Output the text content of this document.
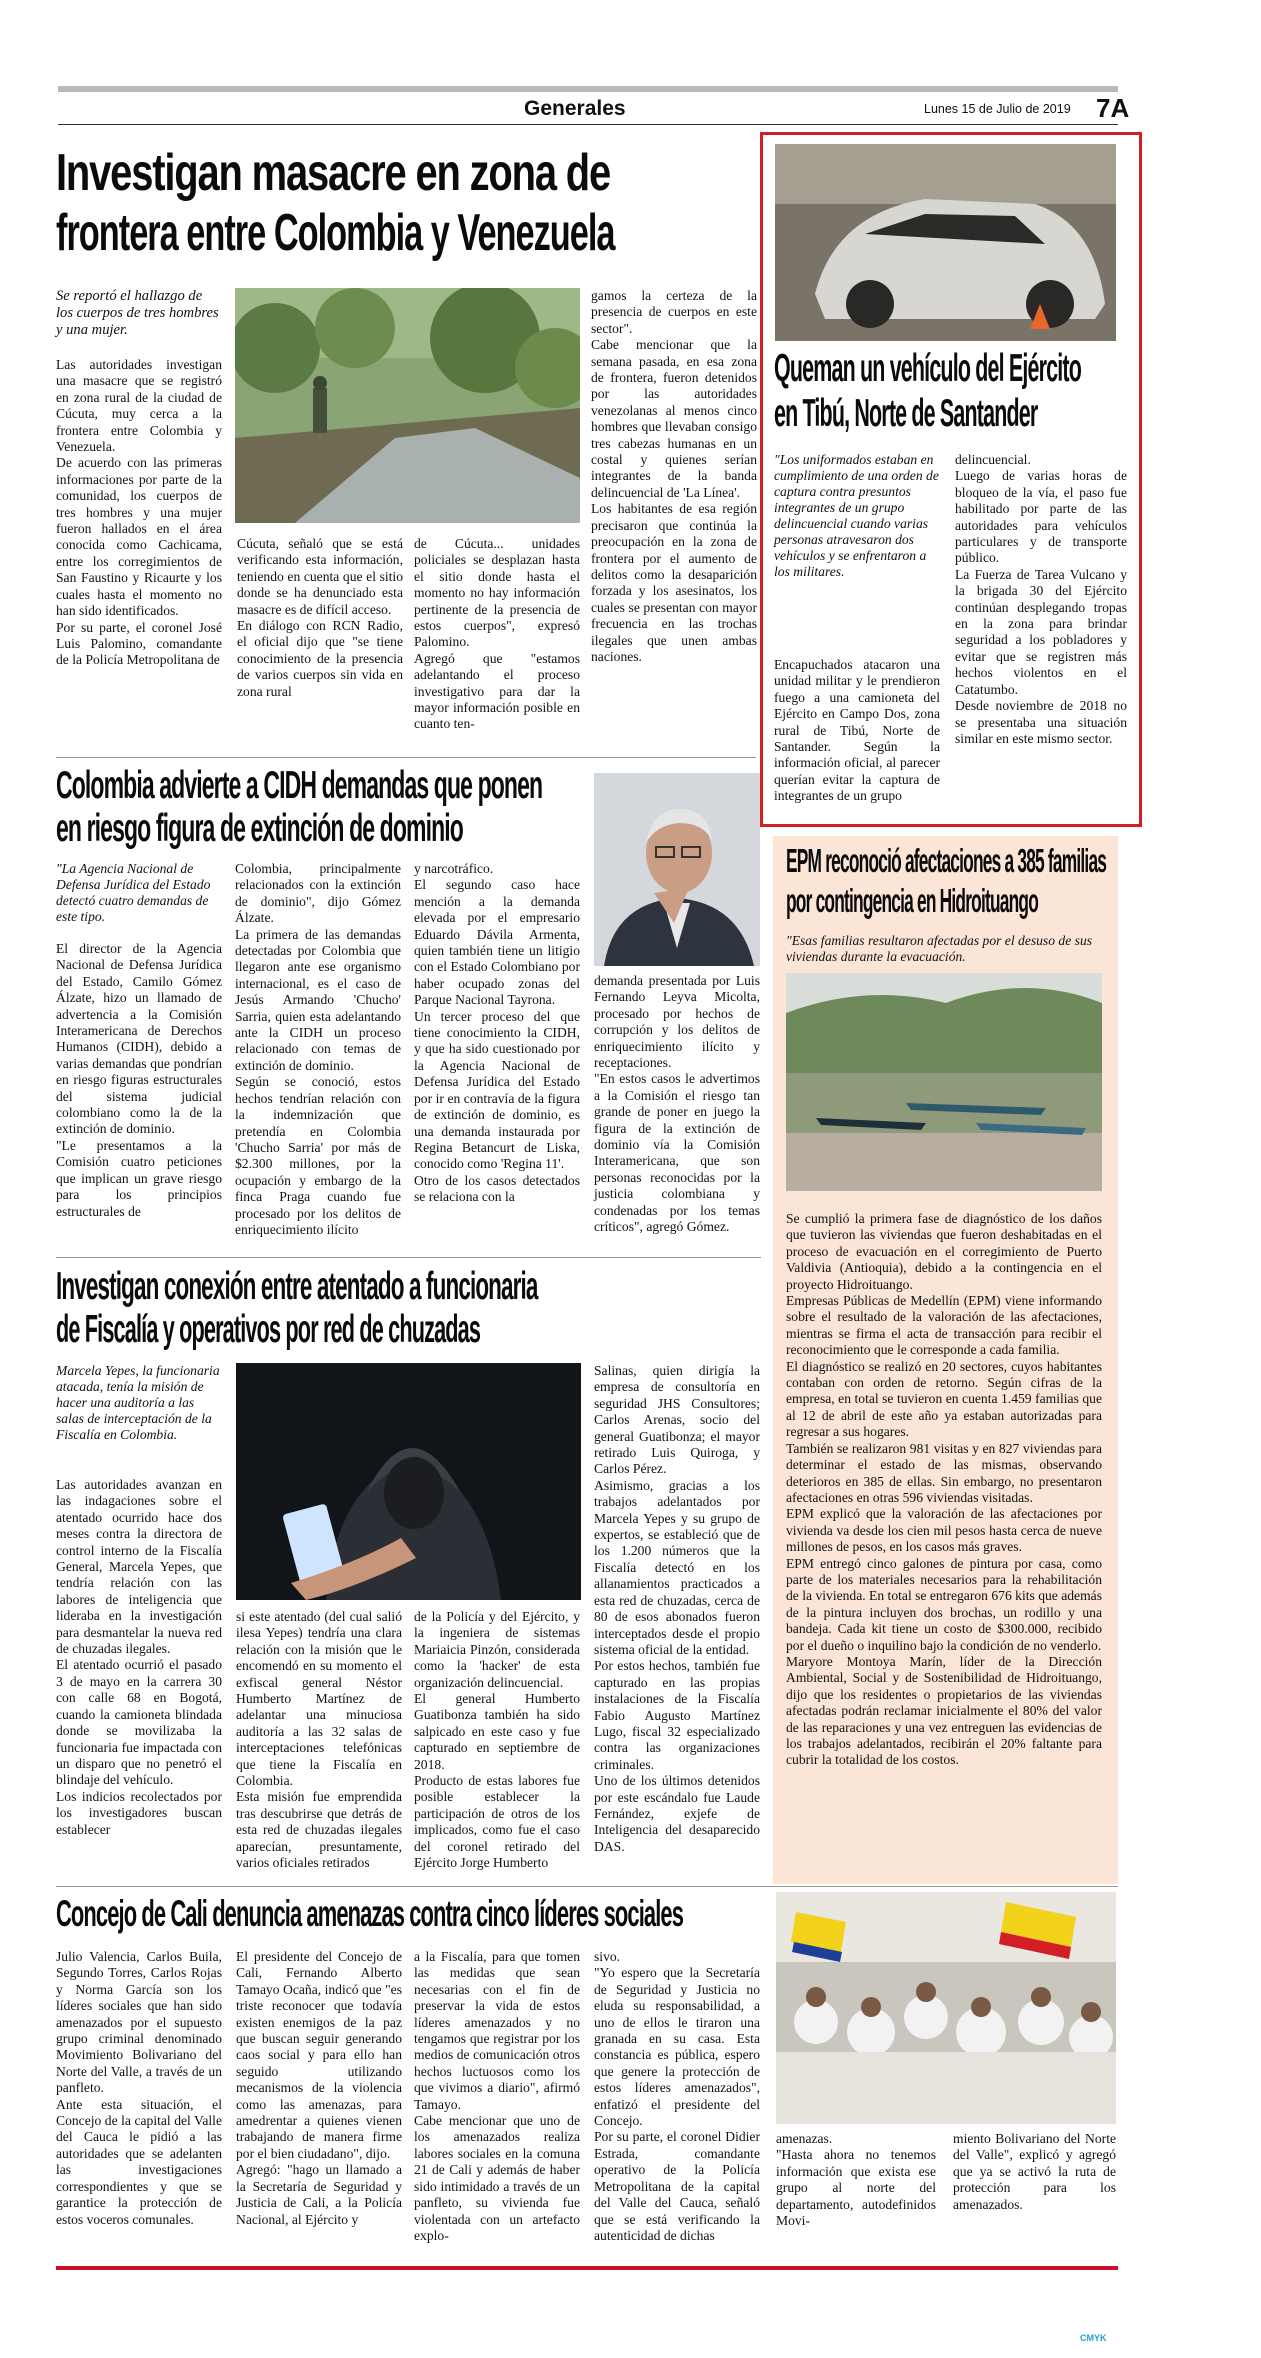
Generales	Lunes 15 de Julio de 2019 7A
Investigan masacre en zona de
frontera entre Colombia y Venezuela
Se reportó el hallazgo de los cuerpos de tres hombres y una mujer.
Las autoridades investigan una masacre que se registró en zona rural de la ciudad de Cúcuta, muy cerca a la frontera entre Colombia y Venezuela.
De acuerdo con las primeras informaciones por parte de la comunidad, los cuerpos de tres hombres y una mujer fueron hallados en el área conocida como Cachicama, entre los corregimientos de San Faustino y Ricaurte y los cuales hasta el momento no han sido identificados.
Por su parte, el coronel José Luis Palomino, comandante de la Policía Metropolitana de
Cúcuta, señaló que se está verificando esta información, teniendo en cuenta que el sitio donde se ha denunciado esta masacre es de difícil acceso.
En diálogo con RCN Radio, el oficial dijo que "se tiene conocimiento de la presencia de varios cuerpos sin vida en zona rural
de Cúcuta... unidades policiales se desplazan hasta el sitio donde hasta el momento no hay información pertinente de la presencia de estos cuerpos", expresó Palomino.
Agregó que "estamos adelantando el proceso investigativo para dar la mayor información posible en cuanto ten-
gamos la certeza de la presencia de cuerpos en este sector".
Cabe mencionar que la semana pasada, en esa zona de frontera, fueron detenidos por las autoridades venezolanas al menos cinco hombres que llevaban consigo tres cabezas humanas en un costal y quienes serían integrantes de la banda delincuencial de 'La Línea'.
Los habitantes de esa región precisaron que continúa la preocupación en la zona de frontera por el aumento de delitos como la desaparición forzada y los asesinatos, los cuales se presentan con mayor frecuencia en las trochas ilegales que unen ambas naciones.
Queman un vehículo del Ejército
en Tibú, Norte de Santander
"Los uniformados estaban en cumplimiento de una orden de captura contra presuntos integrantes de un grupo delincuencial cuando varias personas atravesaron dos vehículos y se enfrentaron a los militares.
Encapuchados atacaron una unidad militar y le prendieron fuego a una camioneta del Ejército en Campo Dos, zona rural de Tibú, Norte de Santander. Según la información oficial, al parecer querían evitar la captura de integrantes de un grupo
delincuencial.
Luego de varias horas de bloqueo de la vía, el paso fue habilitado por parte de las autoridades para vehículos particulares y de transporte público.
La Fuerza de Tarea Vulcano y la brigada 30 del Ejército continúan desplegando tropas en la zona para brindar seguridad a los pobladores y evitar que se registren más hechos violentos en el Catatumbo.
Desde noviembre de 2018 no se presentaba una situación similar en este mismo sector.
Colombia advierte a CIDH demandas que ponen
en riesgo figura de extinción de dominio
"La Agencia Nacional de Defensa Jurídica del Estado detectó cuatro demandas de este tipo.
El director de la Agencia Nacional de Defensa Jurídica del Estado, Camilo Gómez Álzate, hizo un llamado de advertencia a la Comisión Interamericana de Derechos Humanos (CIDH), debido a varias demandas que pondrían en riesgo figuras estructurales del sistema judicial colombiano como la de la extinción de dominio.
"Le presentamos a la Comisión cuatro peticiones que implican un grave riesgo para los principios estructurales de
Colombia, principalmente relacionados con la extinción de dominio", dijo Gómez Álzate.
La primera de las demandas detectadas por Colombia que llegaron ante ese organismo internacional, es el caso de Jesús Armando 'Chucho' Sarria, quien esta adelantando ante la CIDH un proceso relacionado con temas de extinción de dominio.
Según se conoció, estos hechos tendrían relación con la indemnización que pretendía en Colombia 'Chucho Sarria' por más de $2.300 millones, por la ocupación y embargo de la finca Praga cuando fue procesado por los delitos de enriquecimiento ilícito
y narcotráfico.
El segundo caso hace mención a la demanda elevada por el empresario Eduardo Dávila Armenta, quien también tiene un litigio con el Estado Colombiano por haber ocupado zonas del Parque Nacional Tayrona.
Un tercer proceso del que tiene conocimiento la CIDH, y que ha sido cuestionado por la Agencia Nacional de Defensa Jurídica del Estado por ir en contravía de la figura de extinción de dominio, es una demanda instaurada por Regina Betancurt de Liska, conocido como 'Regina 11'.
Otro de los casos detectados se relaciona con la
demanda presentada por Luis Fernando Leyva Micolta, procesado por hechos de corrupción y los delitos de enriquecimiento ilícito y receptaciones.
"En estos casos le advertimos a la Comisión el riesgo tan grande de poner en juego la figura de la extinción de dominio vía la Comisión Interamericana, que son personas reconocidas por la justicia colombiana y condenadas por los temas críticos", agregó Gómez.
EPM reconoció afectaciones a 385 familias
por contingencia en Hidroituango
"Esas familias resultaron afectadas por el desuso de sus viviendas durante la evacuación.
Se cumplió la primera fase de diagnóstico de los daños que tuvieron las viviendas que fueron deshabitadas en el proceso de evacuación en el corregimiento de Puerto Valdivia (Antioquia), debido a la contingencia en el proyecto Hidroituango.
Empresas Públicas de Medellín (EPM) viene informando sobre el resultado de la valoración de las afectaciones, mientras se firma el acta de transacción para recibir el reconocimiento que le corresponde a cada familia.
El diagnóstico se realizó en 20 sectores, cuyos habitantes contaban con orden de retorno. Según cifras de la empresa, en total se tuvieron en cuenta 1.459 familias que al 12 de abril de este año ya estaban autorizadas para regresar a sus hogares.
También se realizaron 981 visitas y en 827 viviendas para determinar el estado de las mismas, observando deterioros en 385 de ellas. Sin embargo, no presentaron afectaciones en otras 596 viviendas visitadas.
EPM explicó que la valoración de las afectaciones por vivienda va desde los cien mil pesos hasta cerca de nueve millones de pesos, en los casos más graves.
EPM entregó cinco galones de pintura por casa, como parte de los materiales necesarios para la rehabilitación de la vivienda. En total se entregaron 676 kits que además de la pintura incluyen dos brochas, un rodillo y una bandeja. Cada kit tiene un costo de $300.000, recibido por el dueño o inquilino bajo la condición de no venderlo.
Maryore Montoya Marín, líder de la Dirección Ambiental, Social y de Sostenibilidad de Hidroituango, dijo que los residentes o propietarios de las viviendas afectadas podrán reclamar inicialmente el 80% del valor de las reparaciones y una vez entreguen las evidencias de los trabajos adelantados, recibirán el 20% faltante para cubrir la totalidad de los costos.
Investigan conexión entre atentado a funcionaria
de Fiscalía y operativos por red de chuzadas
Marcela Yepes, la funcionaria atacada, tenía la misión de hacer una auditoría a las salas de interceptación de la Fiscalía en Colombia.
Las autoridades avanzan en las indagaciones sobre el atentado ocurrido hace dos meses contra la directora de control interno de la Fiscalía General, Marcela Yepes, que tendría relación con las labores de inteligencia que lideraba en la investigación para desmantelar la nueva red de chuzadas ilegales.
El atentado ocurrió el pasado 3 de mayo en la carrera 30 con calle 68 en Bogotá, cuando la camioneta blindada donde se movilizaba la funcionaria fue impactada con un disparo que no penetró el blindaje del vehículo.
Los indicios recolectados por los investigadores buscan establecer
si este atentado (del cual salió ilesa Yepes) tendría una clara relación con la misión que le encomendó en su momento el exfiscal general Néstor Humberto Martínez de adelantar una minuciosa auditoría a las 32 salas de interceptaciones telefónicas que tiene la Fiscalía en Colombia.
Esta misión fue emprendida tras descubrirse que detrás de esta red de chuzadas ilegales aparecían, presuntamente, varios oficiales retirados
de la Policía y del Ejército, y la ingeniera de sistemas Mariaicia Pinzón, considerada como la 'hacker' de esta organización delincuencial.
El general Humberto Guatibonza también ha sido salpicado en este caso y fue capturado en septiembre de 2018.
Producto de estas labores fue posible establecer la participación de otros de los implicados, como fue el caso del coronel retirado del Ejército Jorge Humberto
Salinas, quien dirigía la empresa de consultoría en seguridad JHS Consultores; Carlos Arenas, socio del general Guatibonza; el mayor retirado Luis Quiroga, y Carlos Pérez.
Asimismo, gracias a los trabajos adelantados por Marcela Yepes y su grupo de expertos, se estableció que de los 1.200 números que la Fiscalía detectó en los allanamientos practicados a esta red de chuzadas, cerca de 80 de esos abonados fueron interceptados desde el propio sistema oficial de la entidad.
Por estos hechos, también fue capturado en las propias instalaciones de la Fiscalía Fabio Augusto Martínez Lugo, fiscal 32 especializado contra las organizaciones criminales.
Uno de los últimos detenidos por este escándalo fue Laude Fernández, exjefe de Inteligencia del desaparecido DAS.
Concejo de Cali denuncia amenazas contra cinco líderes sociales
Julio Valencia, Carlos Buila, Segundo Torres, Carlos Rojas y Norma García son los líderes sociales que han sido amenazados por el supuesto grupo criminal denominado Movimiento Bolivariano del Norte del Valle, a través de un panfleto.
Ante esta situación, el Concejo de la capital del Valle del Cauca le pidió a las autoridades que se adelanten las investigaciones correspondientes y que se garantice la protección de estos voceros comunales.
El presidente del Concejo de Cali, Fernando Alberto Tamayo Ocaña, indicó que "es triste reconocer que todavía existen enemigos de la paz que buscan seguir generando caos social y para ello han seguido utilizando mecanismos de la violencia como las amenazas, para amedrentar a quienes vienen trabajando de manera firme por el bien ciudadano", dijo.
Agregó: "hago un llamado a la Secretaría de Seguridad y Justicia de Cali, a la Policía Nacional, al Ejército y
a la Fiscalía, para que tomen las medidas que sean necesarias con el fin de preservar la vida de estos líderes amenazados y no tengamos que registrar por los medios de comunicación otros hechos luctuosos como los que vivimos a diario", afirmó Tamayo.
Cabe mencionar que uno de los amenazados realiza labores sociales en la comuna 21 de Cali y además de haber sido intimidado a través de un panfleto, su vivienda fue violentada con un artefacto explo-
sivo.
"Yo espero que la Secretaría de Seguridad y Justicia no eluda su responsabilidad, a uno de ellos le tiraron una granada en su casa. Esta constancia es pública, espero que genere la protección de estos líderes amenazados", enfatizó el presidente del Concejo.
Por su parte, el coronel Didier Estrada, comandante operativo de la Policía Metropolitana de la capital del Valle del Cauca, señaló que se está verificando la autenticidad de dichas
amenazas.
"Hasta ahora no tenemos información que exista ese grupo al norte del departamento, autodefinidos Movi-
miento Bolivariano del Norte del Valle", explicó y agregó que ya se activó la ruta de protección para los amenazados.
CMYK
